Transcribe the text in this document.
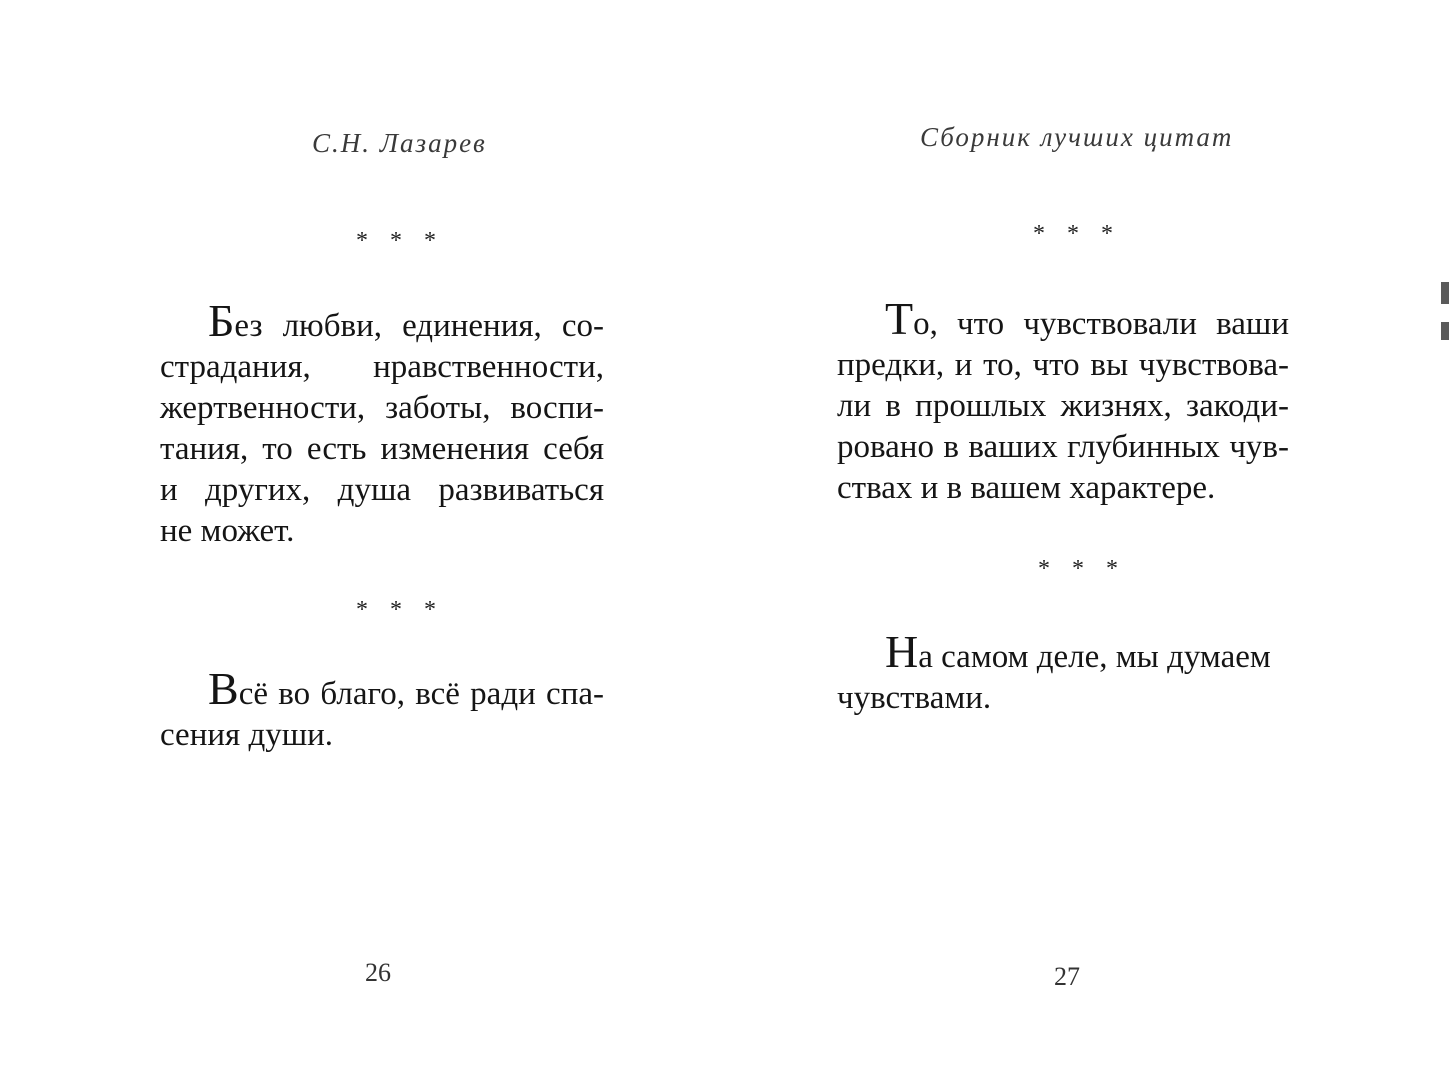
С.Н. Лазарев
* * *
Без любви, единения, со-
страдания, нравственности,
жертвенности, заботы, воспи-
тания, то есть изменения себя
и других, душа развиваться
не может.
* * *
Всё во благо, всё ради спа-
сения души.
26
Сборник лучших цитат
* * *
То, что чувствовали ваши
предки, и то, что вы чувствова-
ли в прошлых жизнях, закоди-
ровано в ваших глубинных чув-
ствах и в вашем характере.
* * *
На самом деле, мы думаем
чувствами.
27
